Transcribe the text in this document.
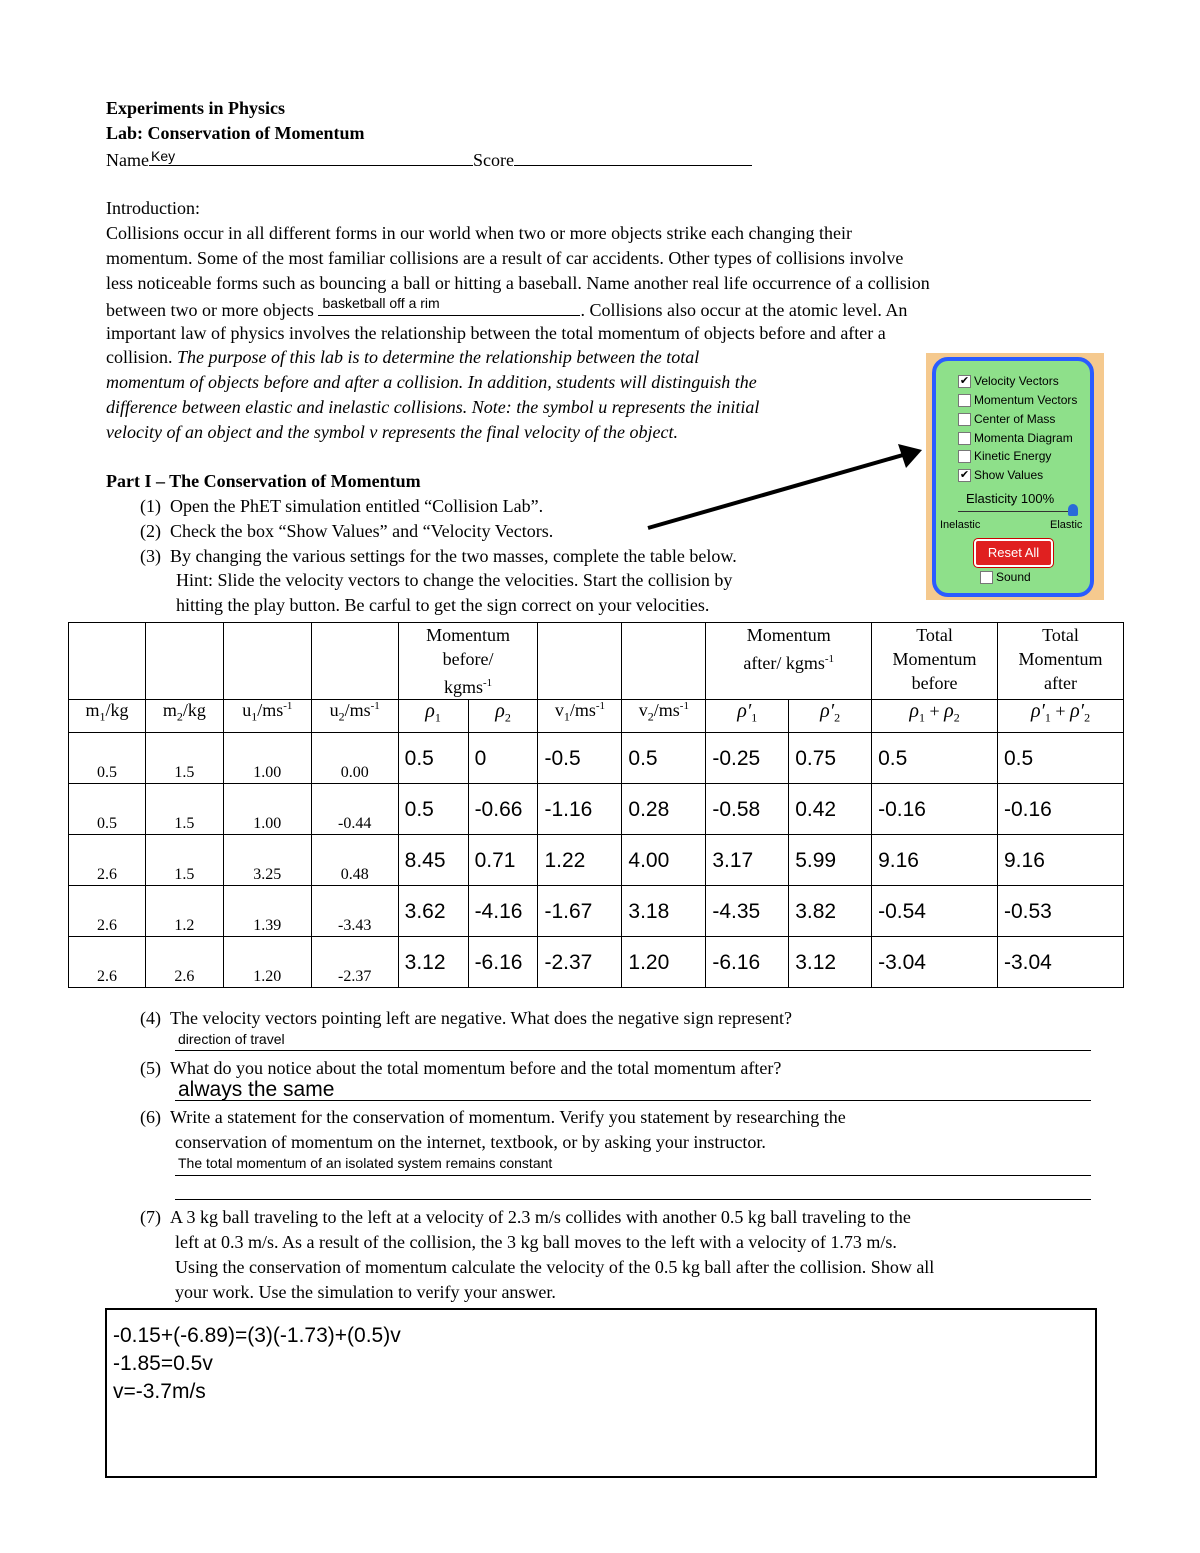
Experiments in Physics
Lab: Conservation of Momentum
Name Key	Score
Introduction:
Collisions occur in all different forms in our world when two or more objects strike each changing their
momentum. Some of the most familiar collisions are a result of car accidents. Other types of collisions involve
less noticeable forms such as bouncing a ball or hitting a baseball. Name another real life occurrence of a collision
between two or more objects basketball off a rim	. Collisions also occur at the atomic level. An
important law of physics involves the relationship between the total momentum of objects before and after a
collision. The purpose of this lab is to determine the relationship between the total
momentum of objects before and after a collision. In addition, students will distinguish the
difference between elastic and inelastic collisions. Note: the symbol u represents the initial
velocity of an object and the symbol v represents the final velocity of the object.
Part I – The Conservation of Momentum
(1) Open the PhET simulation entitled “Collision Lab”.
(2) Check the box “Show Values” and “Velocity Vectors.
(3) By changing the various settings for the two masses, complete the table below.
Hint: Slide the velocity vectors to change the velocities. Start the collision by
hitting the play button. Be carful to get the sign correct on your velocities.
✔ Velocity Vectors
Momentum Vectors
Center of Mass
Momenta Diagram
Kinetic Energy
✔ Show Values
Elasticity 100%
Inelastic	Elastic
Reset All
Sound
				Momentum
before/
kgms$^{-1}$				Momentum
after/ kgms$^{-1}$		Total
Momentum
before	Total
Momentum
after
$m_1/kg$	$m_2/kg$	$u_1/ms^{-1}$	$u_2/ms^{-1}$	$\rho_1$	$\rho_2$	$v_1/ms^{-1}$	$v_2/ms^{-1}$	$\rho'_1$	$\rho'_2$	$\rho_1 + \rho_2$	$\rho'_1 + \rho'_2$

0.5	1.5	1.00	0.00	0.5	0	-0.5	0.5	-0.25	0.75	0.5	0.5

0.5	1.5	1.00	-0.44	0.5	-0.66	-1.16	0.28	-0.58	0.42	-0.16	-0.16

2.6	1.5	3.25	0.48	8.45	0.71	1.22	4.00	3.17	5.99	9.16	9.16

2.6	1.2	1.39	-3.43	3.62	-4.16	-1.67	3.18	-4.35	3.82	-0.54	-0.53

2.6	2.6	1.20	-2.37	3.12	-6.16	-2.37	1.20	-6.16	3.12	-3.04	-3.04
(4) The velocity vectors pointing left are negative. What does the negative sign represent?
direction of travel
(5) What do you notice about the total momentum before and the total momentum after?
always the same
(6) Write a statement for the conservation of momentum. Verify you statement by researching the
conservation of momentum on the internet, textbook, or by asking your instructor.
The total momentum of an isolated system remains constant
(7) A 3 kg ball traveling to the left at a velocity of 2.3 m/s collides with another 0.5 kg ball traveling to the
left at 0.3 m/s. As a result of the collision, the 3 kg ball moves to the left with a velocity of 1.73 m/s.
Using the conservation of momentum calculate the velocity of the 0.5 kg ball after the collision. Show all
your work. Use the simulation to verify your answer.
-0.15+(-6.89)=(3)(-1.73)+(0.5)v
-1.85=0.5v
v=-3.7m/s
